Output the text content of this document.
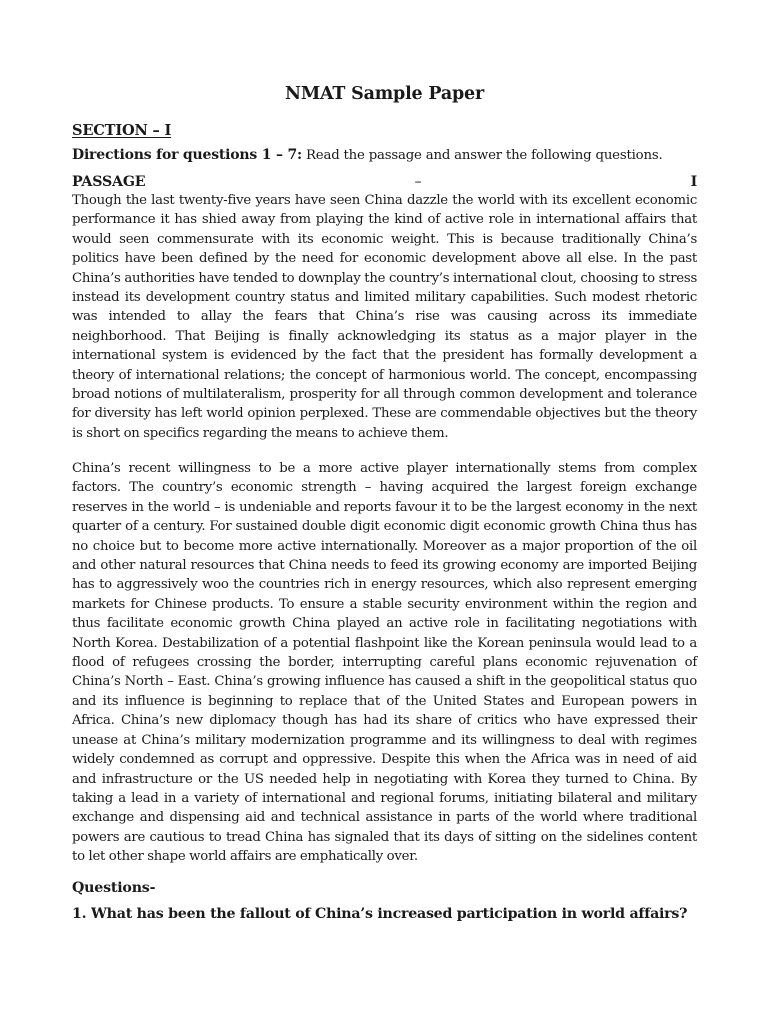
NMAT Sample Paper
SECTION – I
Directions for questions 1 – 7: Read the passage and answer the following questions.
PASSAGE	–	I

Though the last twenty-five years have seen China dazzle the world with its excellent economic performance it has shied away from playing the kind of active role in international affairs that would seen commensurate with its economic weight. This is because traditionally China’s politics have been defined by the need for economic development above all else. In the past China’s authorities have tended to downplay the country’s international clout, choosing to stress instead its development country status and limited military capabilities. Such modest rhetoric was intended to allay the fears that China’s rise was causing across its immediate neighborhood. That Beijing is finally acknowledging its status as a major player in the international system is evidenced by the fact that the president has formally development a theory of international relations; the concept of harmonious world. The concept, encompassing broad notions of multilateralism, prosperity for all through common development and tolerance for diversity has left world opinion perplexed. These are commendable objectives but the theory is short on specifics regarding the means to achieve them.

China’s recent willingness to be a more active player internationally stems from complex factors. The country’s economic strength – having acquired the largest foreign exchange reserves in the world – is undeniable and reports favour it to be the largest economy in the next quarter of a century. For sustained double digit economic digit economic growth China thus has no choice but to become more active internationally. Moreover as a major proportion of the oil and other natural resources that China needs to feed its growing economy are imported Beijing has to aggressively woo the countries rich in energy resources, which also represent emerging markets for Chinese products. To ensure a stable security environment within the region and thus facilitate economic growth China played an active role in facilitating negotiations with North Korea. Destabilization of a potential flashpoint like the Korean peninsula would lead to a flood of refugees crossing the border, interrupting careful plans economic rejuvenation of China’s North – East. China’s growing influence has caused a shift in the geopolitical status quo and its influence is beginning to replace that of the United States and European powers in Africa. China’s new diplomacy though has had its share of critics who have expressed their unease at China’s military modernization programme and its willingness to deal with regimes widely condemned as corrupt and oppressive. Despite this when the Africa was in need of aid and infrastructure or the US needed help in negotiating with Korea they turned to China. By taking a lead in a variety of international and regional forums, initiating bilateral and military exchange and dispensing aid and technical assistance in parts of the world where traditional powers are cautious to tread China has signaled that its days of sitting on the sidelines content to let other shape world affairs are emphatically over.

Questions-
1. What has been the fallout of China’s increased participation in world affairs?
